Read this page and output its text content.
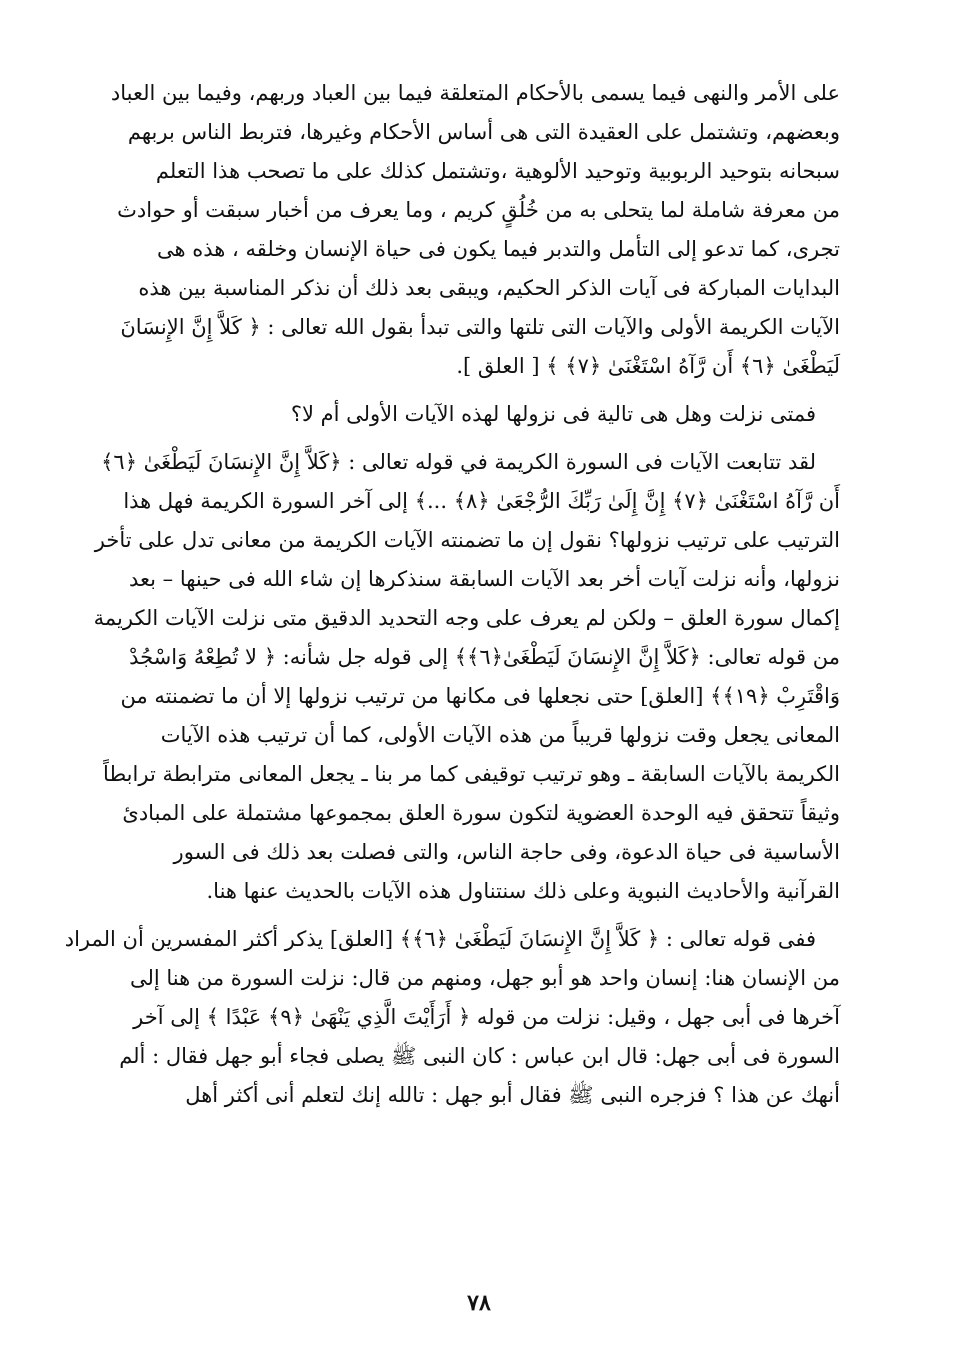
على الأمر والنهى فيما يسمى بالأحكام المتعلقة فيما بين العباد وربهم، وفيما بين العباد
وبعضهم، وتشتمل على العقيدة التى هى أساس الأحكام وغيرها، فتربط الناس بربهم
سبحانه بتوحيد الربوبية وتوحيد الألوهية ،وتشتمل كذلك على ما تصحب هذا التعلم
من معرفة شاملة لما يتحلى به من خُلُقٍ كريم ، وما يعرف من أخبار سبقت أو حوادث
تجرى، كما تدعو إلى التأمل والتدبر فيما يكون فى حياة الإنسان وخلقه ، هذه هى
البدايات المباركة فى آيات الذكر الحكيم، ويبقى بعد ذلك أن نذكر المناسبة بين هذه
الآيات الكريمة الأولى والآيات التى تلتها والتى تبدأ بقول الله تعالى : ﴿ كَلاَّ إِنَّ الإِنسَانَ
لَيَطْغَىٰ ﴿٦﴾ أَن رَّآهُ اسْتَغْنَىٰ ﴿٧﴾ ﴾ [ العلق ].
فمتى نزلت وهل هى تالية فى نزولها لهذه الآيات الأولى أم لا؟
لقد تتابعت الآيات فى السورة الكريمة في قوله تعالى : ﴿كَلاَّ إِنَّ الإِنسَانَ لَيَطْغَىٰ ﴿٦﴾
أَن رَّآهُ اسْتَغْنَىٰ ﴿٧﴾ إِنَّ إِلَىٰ رَبِّكَ الرُّجْعَىٰ ﴿٨﴾ ...﴾ إلى آخر السورة الكريمة فهل هذا
الترتيب على ترتيب نزولها؟ نقول إن ما تضمنته الآيات الكريمة من معانى تدل على تأخر
نزولها، وأنه نزلت آيات أخر بعد الآيات السابقة سنذكرها إن شاء الله فى حينها – بعد
إكمال سورة العلق – ولكن لم يعرف على وجه التحديد الدقيق متى نزلت الآيات الكريمة
من قوله تعالى: ﴿كَلاَّ إِنَّ الإِنسَانَ لَيَطْغَىٰ﴿٦﴾﴾ إلى قوله جل شأنه: ﴿ لا تُطِعْهُ وَاسْجُدْ
وَاقْتَرِبْ ﴿١٩﴾﴾ [العلق] حتى نجعلها فى مكانها من ترتيب نزولها إلا أن ما تضمنته من
المعانى يجعل وقت نزولها قريباً من هذه الآيات الأولى، كما أن ترتيب هذه الآيات
الكريمة بالآيات السابقة ـ وهو ترتيب توقيفى كما مر بنا ـ يجعل المعانى مترابطة ترابطاً
وثيقاً تتحقق فيه الوحدة العضوية لتكون سورة العلق بمجموعها مشتملة على المبادئ
الأساسية فى حياة الدعوة، وفى حاجة الناس، والتى فصلت بعد ذلك فى السور
القرآنية والأحاديث النبوية وعلى ذلك سنتناول هذه الآيات بالحديث عنها هنا.
ففى قوله تعالى : ﴿ كَلاَّ إِنَّ الإِنسَانَ لَيَطْغَىٰ ﴿٦﴾﴾ [العلق] يذكر أكثر المفسرين أن المراد
من الإنسان هنا: إنسان واحد هو أبو جهل، ومنهم من قال: نزلت السورة من هنا إلى
آخرها فى أبى جهل ، وقيل: نزلت من قوله ﴿ أَرَأَيْتَ الَّذِي يَنْهَىٰ ﴿٩﴾ عَبْدًا ﴾ إلى آخر
السورة فى أبى جهل: قال ابن عباس : كان النبى ﷺ يصلى فجاء أبو جهل فقال : ألم
أنهك عن هذا ؟ فزجره النبى ﷺ فقال أبو جهل : تالله إنك لتعلم أنى أكثر أهل
٧٨
